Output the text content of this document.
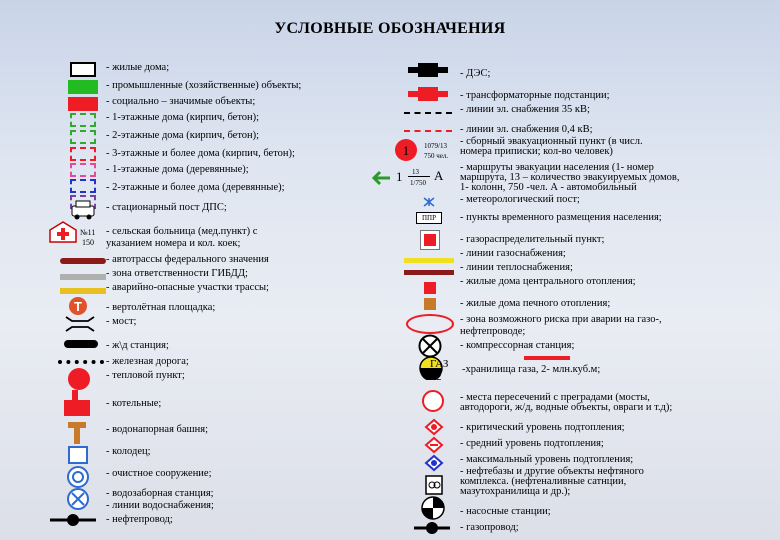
УСЛОВНЫЕ ОБОЗНАЧЕНИЯ
- жилые дома;
- промышленные (хозяйственные) объекты;
- социально – значимые объекты;
- 1-этажные дома (кирпич, бетон);
- 2-этажные дома (кирпич, бетон);
- 3-этажные и более дома (кирпич, бетон);
- 1-этажные дома (деревянные);
- 2-этажные и более дома (деревянные);
- стационарный пост ДПС;
- сельская больница (мед.пункт) с
указанием номера и кол. коек;
- автотрассы федерального значения
- зона ответственности ГИБДД;
- аварийно-опасные участки трассы;
- вертолётная площадка;
- мост;
- ж\д станция;
- железная дорога;
- тепловой пункт;
- котельные;
- водонапорная башня;
- колодец;
- очистное сооружение;
- водозаборная станция;
- линии водоснабжения;
- нефтепровод;
- ДЭС;
- трансформаторные подстанции;
- линии эл. снабжения 35 кВ;
- линии эл. снабжения 0,4 кВ;
- сборный эвакуационный пункт (в числ.
номера приписки; кол-во человек)
- маршруты эвакуации населения (1- номер
маршрута, 13 – количество эвакуируемых домов,
1- колонн, 750 -чел. А - автомобильный
- метеорологический пост;
- пункты временного размещения населения;
- газораспределительный пункт;
- линии газоснабжения;
- линии теплоснабжения;
- жилые дома центрального отопления;
- жилые дома печного отопления;
- зона возможного риска при аварии на газо-,
нефтепроводе;
- компрессорная станция;
-хранилища газа, 2- млн.куб.м;
- места пересечений с преградами (мосты,
автодороги, ж/д, водные объекты, овраги и т.д);
- критический уровень подтопления;
- средний уровень подтопления;
- максимальный уровень подтопления;
- нефтебазы и другие объекты нефтяного
комплекса. (нефтеналивные сатнции,
мазутохранилища и др.);
- насосные станции;
- газопровод;
№11
150
Т
1 1079/13
750 чел.
1 13
1/750 А
ППР
ГАЗ
2
